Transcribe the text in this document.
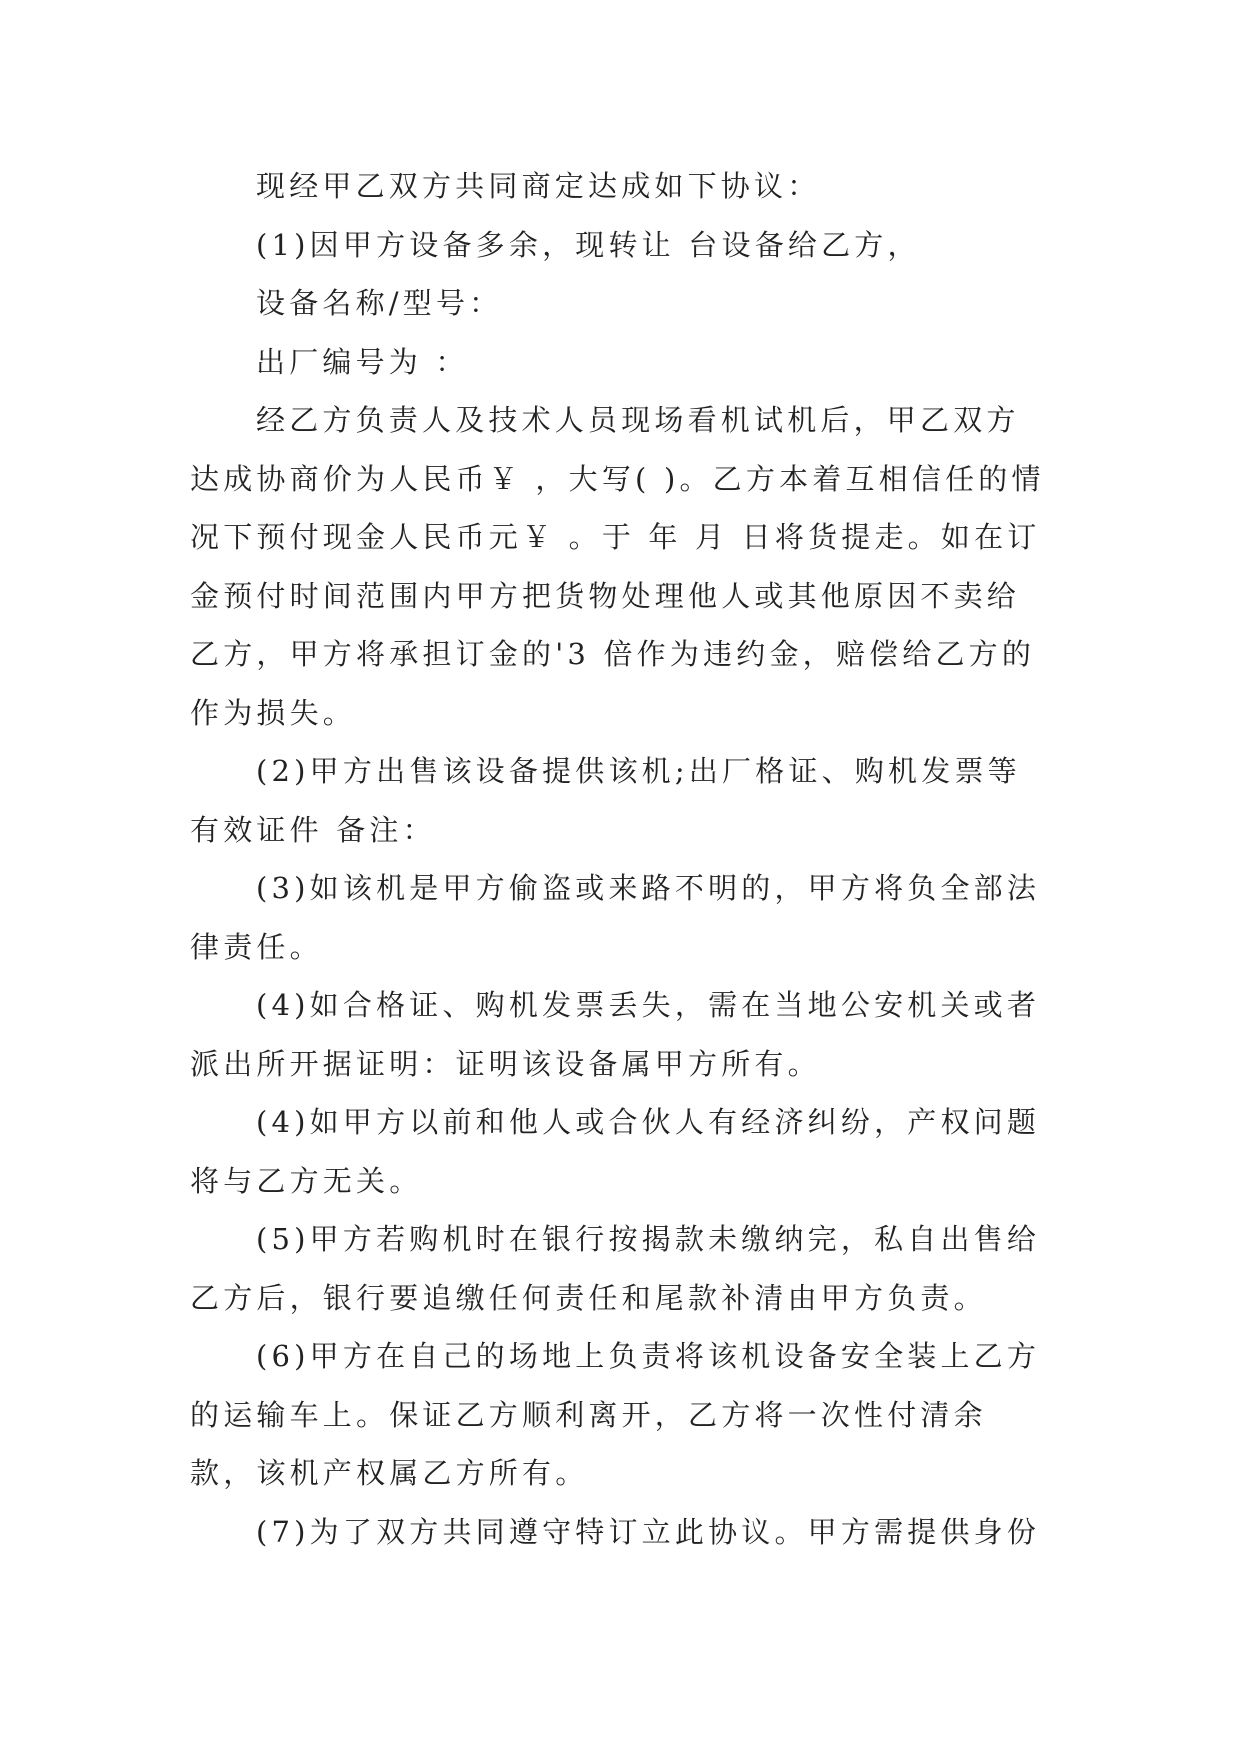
现经甲乙双方共同商定达成如下协议：

(1)因甲方设备多余，现转让 台设备给乙方，

设备名称/型号：

出厂编号为 ：

经乙方负责人及技术人员现场看机试机后，甲乙双方达成协商价为人民币￥ ，大写( )。乙方本着互相信任的情况下预付现金人民币元￥ 。于 年 月 日将货提走。如在订金预付时间范围内甲方把货物处理他人或其他原因不卖给乙方，甲方将承担订金的'3 倍作为违约金，赔偿给乙方的作为损失。

(2)甲方出售该设备提供该机;出厂格证、购机发票等有效证件 备注：

(3)如该机是甲方偷盗或来路不明的，甲方将负全部法律责任。

(4)如合格证、购机发票丢失，需在当地公安机关或者派出所开据证明：证明该设备属甲方所有。

(4)如甲方以前和他人或合伙人有经济纠纷，产权问题将与乙方无关。

(5)甲方若购机时在银行按揭款未缴纳完，私自出售给乙方后，银行要追缴任何责任和尾款补清由甲方负责。

(6)甲方在自己的场地上负责将该机设备安全装上乙方的运输车上。保证乙方顺利离开，乙方将一次性付清余款，该机产权属乙方所有。

(7)为了双方共同遵守特订立此协议。甲方需提供身份
